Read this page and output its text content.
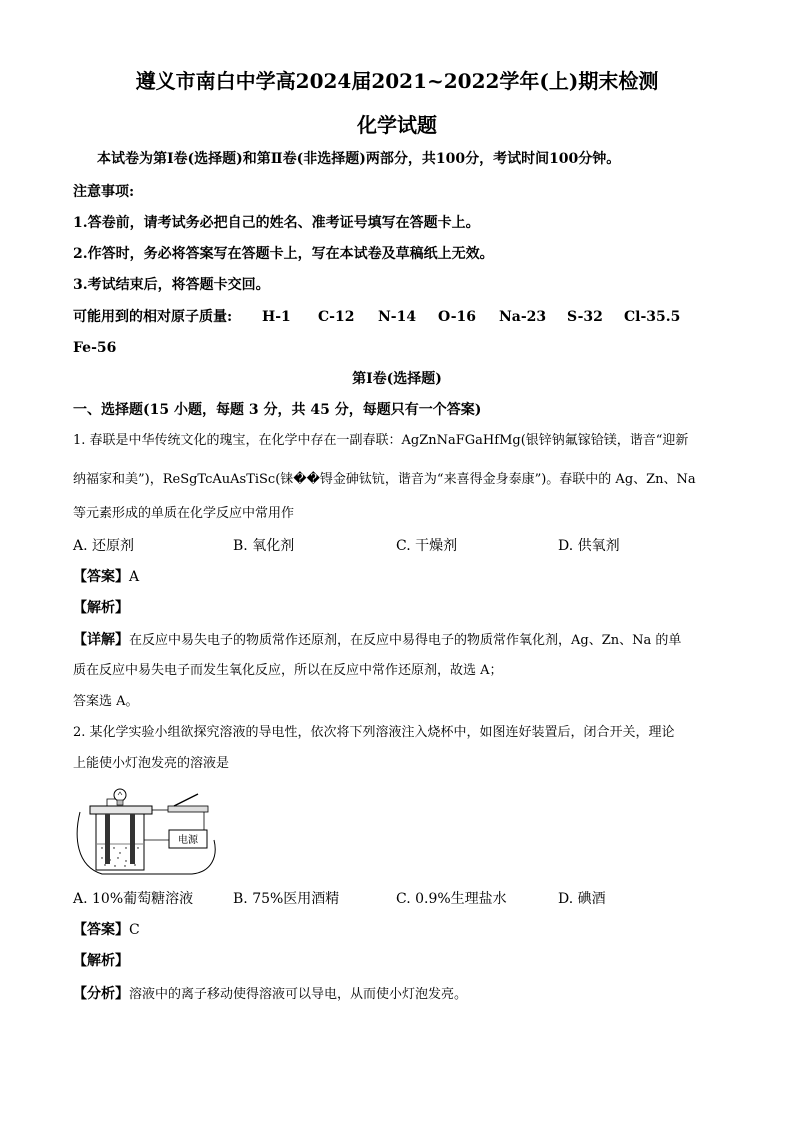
遵义市南白中学高2024届2021~2022学年(上)期末检测
化学试题
本试卷为第Ⅰ卷(选择题)和第Ⅱ卷(非选择题)两部分，共100分，考试时间100分钟。
注意事项:
1.答卷前，请考试务必把自己的姓名、准考证号填写在答题卡上。
2.作答时，务必将答案写在答题卡上，写在本试卷及草稿纸上无效。
3.考试结束后，将答题卡交回。
可能用到的相对原子质量: H-1 C-12 N-14 O-16 Na-23 S-32 Cl-35.5
Fe-56
第Ⅰ卷(选择题)
一、选择题(15 小题，每题 3 分，共 45 分，每题只有一个答案)
1. 春联是中华传统文化的瑰宝，在化学中存在一副春联：AgZnNaFGaHfMg(银锌钠氟镓铪镁，谐音“迎新
纳福家和美”)，ReSgTcAuAsTiSc(铼��锝金砷钛钪，谐音为“来喜得金身泰康”)。春联中的 Ag、Zn、Na
等元素形成的单质在化学反应中常用作
A. 还原剂	B. 氧化剂	C. 干燥剂	D. 供氧剂
【答案】A
【解析】
【详解】在反应中易失电子的物质常作还原剂，在反应中易得电子的物质常作氧化剂，Ag、Zn、Na 的单
质在反应中易失电子而发生氧化反应，所以在反应中常作还原剂，故选 A；
答案选 A。
2. 某化学实验小组欲探究溶液的导电性，依次将下列溶液注入烧杯中，如图连好装置后，闭合开关，理论
上能使小灯泡发亮的溶液是
电源
A. 10%葡萄糖溶液	B. 75%医用酒精	C. 0.9%生理盐水	D. 碘酒
【答案】C
【解析】
【分析】溶液中的离子移动使得溶液可以导电，从而使小灯泡发亮。
